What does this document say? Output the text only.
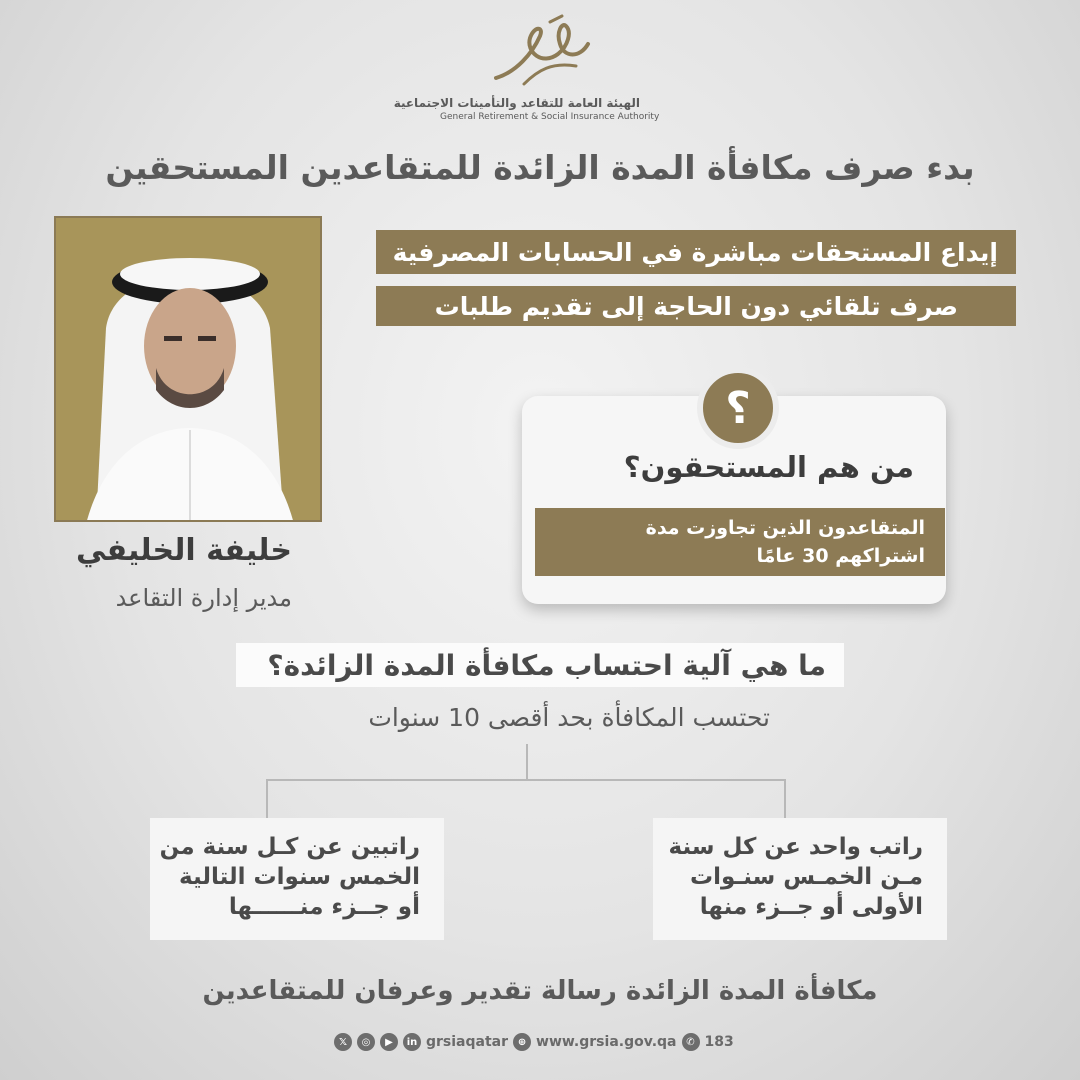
الهيئة العامة للتقاعد والتأمينات الاجتماعية
General Retirement & Social Insurance Authority
بدء صرف مكافأة المدة الزائدة للمتقاعدين المستحقين
خليفة الخليفي
مدير إدارة التقاعد
إيداع المستحقات مباشرة في الحسابات المصرفية
صرف تلقائي دون الحاجة إلى تقديم طلبات
؟
من هم المستحقون؟
المتقاعدون الذين تجاوزت مدة
اشتراكهم 30 عامًا
ما هي آلية احتساب مكافأة المدة الزائدة؟
تحتسب المكافأة بحد أقصى 10 سنوات
راتبين عن كـل سنة من
الخمس سنوات التالية
أو جــزء منــــــها
راتب واحد عن كل سنة
مـن الخمـس سنـوات
الأولى أو جــزء منها
مكافأة المدة الزائدة رسالة تقدير وعرفان للمتقاعدين
𝕏	◎	▶	in grsiaqatar ⊕ www.grsia.gov.qa ✆ 183
